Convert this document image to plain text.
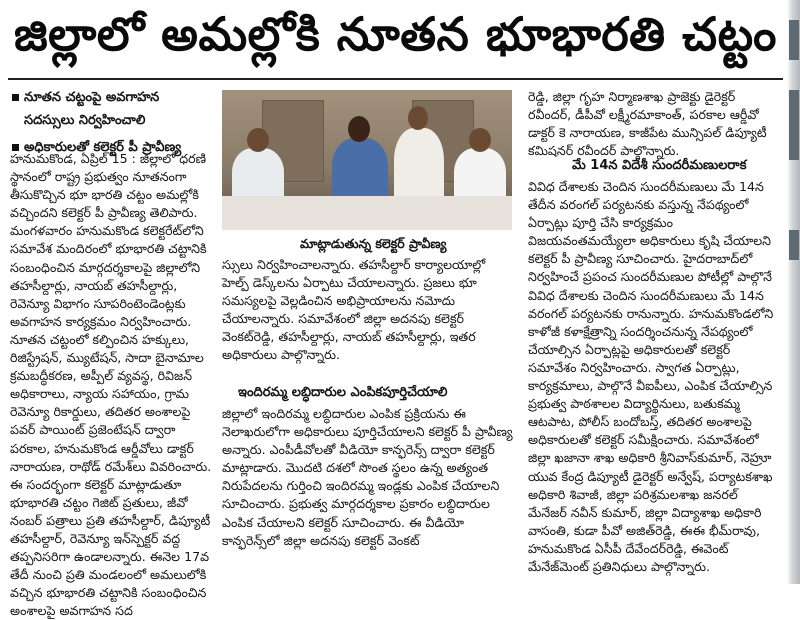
జిల్లాలో అమల్లోకి నూతన భూభారతి చట్టం
నూతన చట్టంపై అవగాహన సదస్సులు నిర్వహించాలి
అధికారులతో కలెక్టర్ పీ ప్రావీణ్య
మాట్లాడుతున్న కలెక్టర్ ప్రావీణ్య
హనుమకొండ, ఏప్రిల్ 15 : జిల్లాలో ధరణి స్థానంలో రాష్ట్ర ప్రభుత్వం నూతనంగా తీసుకొచ్చిన భూ భారతి చట్టం అమల్లోకి వచ్చిందని కలెక్టర్ పీ ప్రావీణ్య తెలిపారు. మంగళవారం హనుమకొండ కలెక్టరేట్‌లోని సమావేశ మందిరంలో భూభారతి చట్టానికి సంబంధించిన మార్గదర్శకాలపై జిల్లాలోని తహసీల్దార్లు, నాయబ్ తహసీల్దార్లు, రెవెన్యూ విభాగం సూపరింటెండెంట్లకు అవగాహన కార్యక్రమం నిర్వహించారు. నూతన చట్టంలో కల్పించిన హక్కులు, రిజిస్ట్రేషన్, మ్యుటేషన్, సాదా బైనామాల క్రమబద్ధీకరణ, అప్పీల్ వ్యవస్థ, రివిజన్ అధికారాలు, న్యాయ సహాయం, గ్రామ రెవెన్యూ రికార్డులు, తదితర అంశాలపై పవర్ పాయింట్ ప్రజెంటేషన్ ద్వారా పరకాల, హనుమకొండ ఆర్డీవోలు డాక్టర్ నారాయణ, రాథోడ్ రమేశ్‌లు వివరించారు. ఈ సందర్భంగా కలెక్టర్ మాట్లాడుతూ భూభారతి చట్టం గెజిట్ ప్రతులు, జీవో నంబర్ పత్రాలు ప్రతి తహసీల్దార్, డిప్యూటీ తహసీల్దార్, రెవెన్యూ ఇన్‌స్పెక్టర్ వద్ద తప్పనిసరిగా ఉండాలన్నారు. ఈనెల 17వ తేదీ నుంచి ప్రతి మండలంలో అమలులోకి వచ్చిన భూభారతి చట్టానికి సంబంధించిన అంశాలపై అవగాహన సద
స్సులు నిర్వహించాలన్నారు. తహసీల్దార్ కార్యాలయాల్లో హెల్ప్ డెస్క్‌లను ఏర్పాటు చేయాలన్నారు. ప్రజలు భూ సమస్యలపై వెల్లడించిన అభిప్రాయాలను నమోదు చేయాలన్నారు. సమావేశంలో జిల్లా అదనపు కలెక్టర్ వెంకట్‌రెడ్డి, తహసీల్దార్లు, నాయబ్ తహసీల్దార్లు, ఇతర అధికారులు పాల్గొన్నారు.
ఇందిరమ్మ లబ్ధిదారుల ఎంపికపూర్తిచేయాలి
జిల్లాలో ఇందిరమ్మ లబ్ధిదారుల ఎంపిక ప్రక్రియను ఈ నెలాఖరులోగా అధికారులు పూర్తిచేయాలని కలెక్టర్ పీ ప్రావీణ్య అన్నారు. ఎంపీడీవోలతో వీడియో కాన్ఫరెన్స్ ద్వారా కలెక్టర్ మాట్లాడారు. మొదటి దశలో సొంత స్థలం ఉన్న అత్యంత నిరుపేదలను గుర్తించి ఇందిరమ్మ ఇండ్లకు ఎంపిక చేయాలని సూచించారు. ప్రభుత్వ మార్గదర్శకాల ప్రకారం లబ్ధిదారుల ఎంపిక చేయాలని కలెక్టర్ సూచించారు. ఈ వీడియో కాన్ఫరెన్స్‌లో జిల్లా అదనపు కలెక్టర్ వెంకట్
రెడ్డి, జిల్లా గృహ నిర్మాణశాఖ ప్రాజెక్టు డైరెక్టర్ రవీందర్, డీపీవో లక్ష్మీరమాకాంత్, పరకాల ఆర్డీవో డాక్టర్ కె నారాయణ, కాజీపేట మున్సిపల్ డిప్యూటీ కమిషనర్ రవీందర్ పాల్గొన్నారు.
మే 14న విదేశీ సుందరీమణులరాక
వివిధ దేశాలకు చెందిన సుందరీమణులు మే 14న తేదీన వరంగల్ పర్యటనకు వస్తున్న నేపథ్యంలో ఏర్పాట్లు పూర్తి చేసి కార్యక్రమం విజయవంతమయ్యేలా అధికారులు కృషి చేయాలని కలెక్టర్ పీ ప్రావీణ్య సూచించారు. హైదరాబాద్‌లో నిర్వహించే ప్రపంచ సుందరీమణుల పోటీల్లో పాల్గొనే వివిధ దేశాలకు చెందిన సుందరీమణులు మే 14న వరంగల్ పర్యటనకు రానున్నారు. హనుమకొండలోని కాళోజీ కళాక్షేత్రాన్ని సందర్శించనున్న నేపథ్యంలో చేయాల్సిన ఏర్పాట్లపై అధికారులతో కలెక్టర్ సమావేశం నిర్వహించారు. స్వాగత ఏర్పాట్లు, కార్యక్రమాలు, పాల్గొనే వీఐపీలు, ఎంపిక చేయాల్సిన ప్రభుత్వ పాఠశాలల విద్యార్థినులు, బతుకమ్మ ఆటపాట, పోలీస్ బందోబస్త్, తదితర అంశాలపై అధికారులతో కలెక్టర్ సమీక్షించారు. సమావేశంలో జిల్లా ఖజానా శాఖ అధికారి శ్రీనివాస్‌కుమార్, నెహ్రూ యువ కేంద్ర డిప్యూటీ డైరెక్టర్ అన్వేష్, పర్యాటకశాఖ అధికారి శివాజీ, జిల్లా పరిశ్రమలశాఖ జనరల్ మేనేజర్ నవీన్ కుమార్, జిల్లా విద్యాశాఖ అధికారి వాసంతి, కుడా పీవో అజిత్‌రెడ్డి, ఈఈ భీమ్‌రావు, హనుమకొండ ఏసీపీ దేవేందర్‌రెడ్డి, ఈవెంట్ మేనేజ్‌మెంట్ ప్రతినిధులు పాల్గొన్నారు.
